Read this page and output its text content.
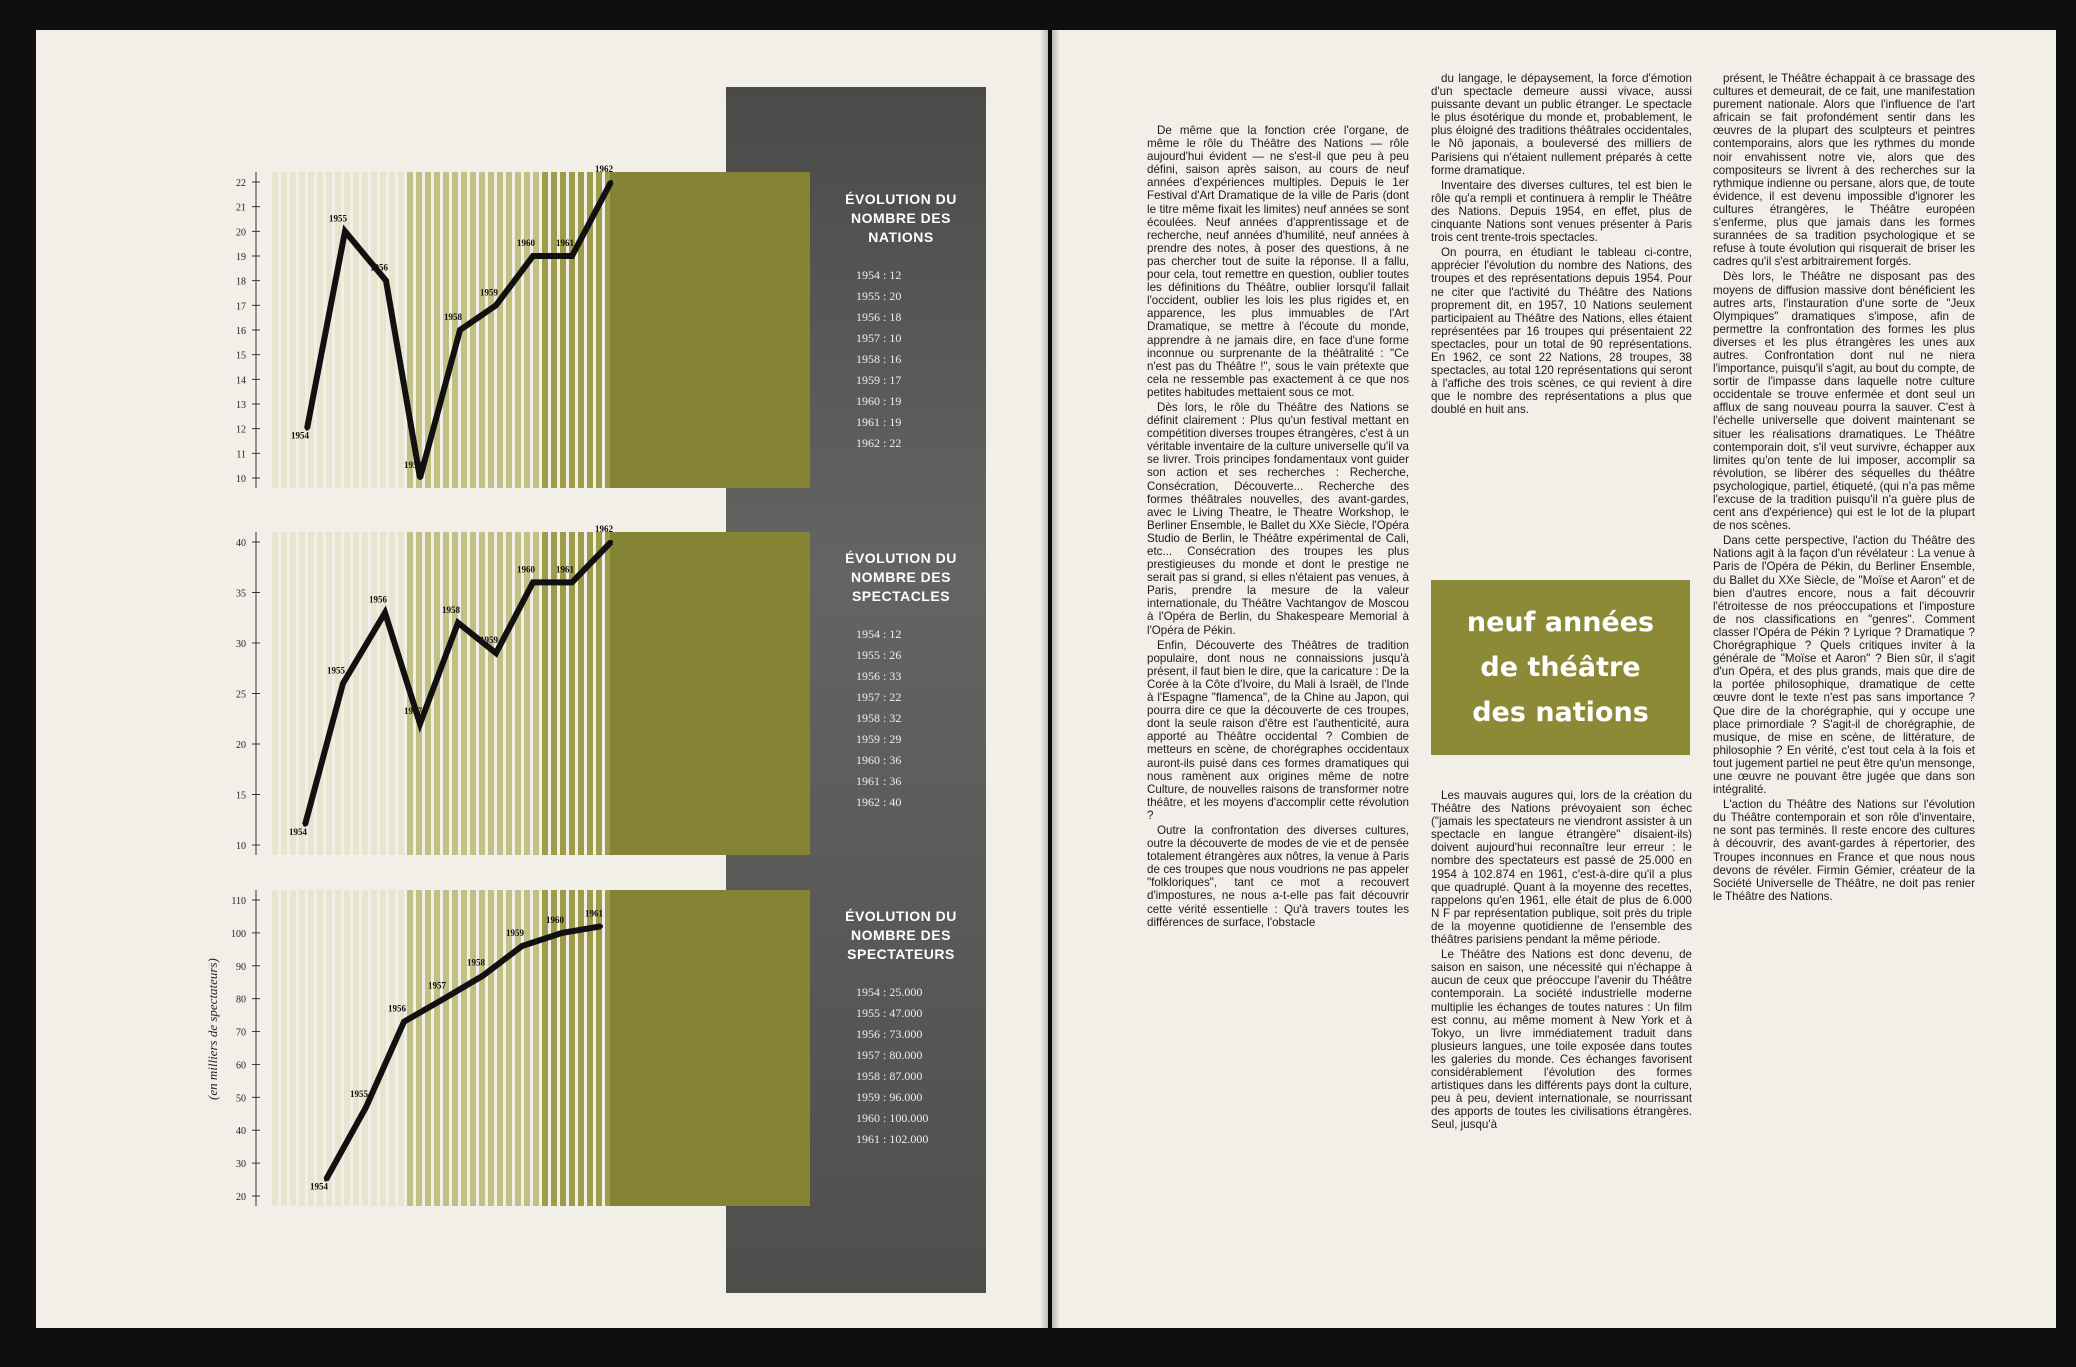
10
11
12
13
14
15
16
17
18
19
20
21
22
1954
1955
1956
1957
1958
1959
1960 1961
1962
10
15
20
25
30
35
40
1954
1955
1956
1957
1958
1959
1960 1961
1962
20
30
40
50
60
70
80
90
100
110
1954
1955
1956
1957
1958
1959
1960
1961
ÉVOLUTION DU NOMBRE DES NATIONS
1954 : 12
1955 : 20
1956 : 18
1957 : 10
1958 : 16
1959 : 17
1960 : 19
1961 : 19
1962 : 22
ÉVOLUTION DU NOMBRE DES SPECTACLES
1954 : 12
1955 : 26
1956 : 33
1957 : 22
1958 : 32
1959 : 29
1960 : 36
1961 : 36
1962 : 40
ÉVOLUTION DU NOMBRE DES SPECTATEURS
1954 : 25.000
1955 : 47.000
1956 : 73.000
1957 : 80.000
1958 : 87.000
1959 : 96.000
1960 : 100.000
1961 : 102.000
(en milliers de spectateurs)

De même que la fonction crée l'organe, de même le rôle du Théâtre des Nations — rôle aujourd'hui évident — ne s'est-il que peu à peu défini, saison après saison, au cours de neuf années d'expériences multiples. Depuis le 1er Festival d'Art Dramatique de la ville de Paris (dont le titre même fixait les limites) neuf années se sont écoulées. Neuf années d'apprentissage et de recherche, neuf années d'humilité, neuf années à prendre des notes, à poser des questions, à ne pas chercher tout de suite la réponse. Il a fallu, pour cela, tout remettre en question, oublier toutes les définitions du Théâtre, oublier lorsqu'il fallait l'occident, oublier les lois les plus rigides et, en apparence, les plus immuables de l'Art Dramatique, se mettre à l'écoute du monde, apprendre à ne jamais dire, en face d'une forme inconnue ou surprenante de la théâtralité : "Ce n'est pas du Théâtre !", sous le vain prétexte que cela ne ressemble pas exactement à ce que nos petites habitudes mettaient sous ce mot.

Dès lors, le rôle du Théâtre des Nations se définit clairement : Plus qu'un festival mettant en compétition diverses troupes étrangères, c'est à un véritable inventaire de la culture universelle qu'il va se livrer. Trois principes fondamentaux vont guider son action et ses recherches : Recherche, Consécration, Découverte... Recherche des formes théâtrales nouvelles, des avant-gardes, avec le Living Theatre, le Theatre Workshop, le Berliner Ensemble, le Ballet du XXe Siècle, l'Opéra Studio de Berlin, le Théâtre expérimental de Cali, etc... Consécration des troupes les plus prestigieuses du monde et dont le prestige ne serait pas si grand, si elles n'étaient pas venues, à Paris, prendre la mesure de la valeur internationale, du Théâtre Vachtangov de Moscou à l'Opéra de Berlin, du Shakespeare Memorial à l'Opéra de Pékin.

Enfin, Découverte des Théâtres de tradition populaire, dont nous ne connaissions jusqu'à présent, il faut bien le dire, que la caricature : De la Corée à la Côte d'Ivoire, du Mali à Israël, de l'Inde à l'Espagne "flamenca", de la Chine au Japon, qui pourra dire ce que la découverte de ces troupes, dont la seule raison d'être est l'authenticité, aura apporté au Théâtre occidental ? Combien de metteurs en scène, de chorégraphes occidentaux auront-ils puisé dans ces formes dramatiques qui nous ramènent aux origines même de notre Culture, de nouvelles raisons de transformer notre théâtre, et les moyens d'accomplir cette révolution ?

Outre la confrontation des diverses cultures, outre la découverte de modes de vie et de pensée totalement étrangères aux nôtres, la venue à Paris de ces troupes que nous voudrions ne pas appeler "folkloriques", tant ce mot a recouvert d'impostures, ne nous a-t-elle pas fait découvrir cette vérité essentielle : Qu'à travers toutes les différences de surface, l'obstacle

du langage, le dépaysement, la force d'émotion d'un spectacle demeure aussi vivace, aussi puissante devant un public étranger. Le spectacle le plus ésotérique du monde et, probablement, le plus éloigné des traditions théâtrales occidentales, le Nô japonais, a bouleversé des milliers de Parisiens qui n'étaient nullement préparés à cette forme dramatique.

Inventaire des diverses cultures, tel est bien le rôle qu'a rempli et continuera à remplir le Théâtre des Nations. Depuis 1954, en effet, plus de cinquante Nations sont venues présenter à Paris trois cent trente-trois spectacles.

On pourra, en étudiant le tableau ci-contre, apprécier l'évolution du nombre des Nations, des troupes et des représentations depuis 1954. Pour ne citer que l'activité du Théâtre des Nations proprement dit, en 1957, 10 Nations seulement participaient au Théâtre des Nations, elles étaient représentées par 16 troupes qui présentaient 22 spectacles, pour un total de 90 représentations. En 1962, ce sont 22 Nations, 28 troupes, 38 spectacles, au total 120 représentations qui seront à l'affiche des trois scènes, ce qui revient à dire que le nombre des représentations a plus que doublé en huit ans.

neuf années
de théâtre
des nations

Les mauvais augures qui, lors de la création du Théâtre des Nations prévoyaient son échec ("jamais les spectateurs ne viendront assister à un spectacle en langue étrangère" disaient-ils) doivent aujourd'hui reconnaître leur erreur : le nombre des spectateurs est passé de 25.000 en 1954 à 102.874 en 1961, c'est-à-dire qu'il a plus que quadruplé. Quant à la moyenne des recettes, rappelons qu'en 1961, elle était de plus de 6.000 N F par représentation publique, soit près du triple de la moyenne quotidienne de l'ensemble des théâtres parisiens pendant la même période.

Le Théâtre des Nations est donc devenu, de saison en saison, une nécessité qui n'échappe à aucun de ceux que préoccupe l'avenir du Théâtre contemporain. La société industrielle moderne multiplie les échanges de toutes natures : Un film est connu, au même moment à New York et à Tokyo, un livre immédiatement traduit dans plusieurs langues, une toile exposée dans toutes les galeries du monde. Ces échanges favorisent considérablement l'évolution des formes artistiques dans les différents pays dont la culture, peu à peu, devient internationale, se nourrissant des apports de toutes les civilisations étrangères. Seul, jusqu'à

présent, le Théâtre échappait à ce brassage des cultures et demeurait, de ce fait, une manifestation purement nationale. Alors que l'influence de l'art africain se fait profondément sentir dans les œuvres de la plupart des sculpteurs et peintres contemporains, alors que les rythmes du monde noir envahissent notre vie, alors que des compositeurs se livrent à des recherches sur la rythmique indienne ou persane, alors que, de toute évidence, il est devenu impossible d'ignorer les cultures étrangères, le Théâtre européen s'enferme, plus que jamais dans les formes surannées de sa tradition psychologique et se refuse à toute évolution qui risquerait de briser les cadres qu'il s'est arbitrairement forgés.

Dès lors, le Théâtre ne disposant pas des moyens de diffusion massive dont bénéficient les autres arts, l'instauration d'une sorte de "Jeux Olympiques" dramatiques s'impose, afin de permettre la confrontation des formes les plus diverses et les plus étrangères les unes aux autres. Confrontation dont nul ne niera l'importance, puisqu'il s'agit, au bout du compte, de sortir de l'impasse dans laquelle notre culture occidentale se trouve enfermée et dont seul un afflux de sang nouveau pourra la sauver. C'est à l'échelle universelle que doivent maintenant se situer les réalisations dramatiques. Le Théâtre contemporain doit, s'il veut survivre, échapper aux limites qu'on tente de lui imposer, accomplir sa révolution, se libérer des séquelles du théâtre psychologique, partiel, étiqueté, (qui n'a pas même l'excuse de la tradition puisqu'il n'a guère plus de cent ans d'expérience) qui est le lot de la plupart de nos scènes.

Dans cette perspective, l'action du Théâtre des Nations agit à la façon d'un révélateur : La venue à Paris de l'Opéra de Pékin, du Berliner Ensemble, du Ballet du XXe Siècle, de "Moïse et Aaron" et de bien d'autres encore, nous a fait découvrir l'étroitesse de nos préoccupations et l'imposture de nos classifications en "genres". Comment classer l'Opéra de Pékin ? Lyrique ? Dramatique ? Chorégraphique ? Quels critiques inviter à la générale de "Moïse et Aaron" ? Bien sûr, il s'agit d'un Opéra, et des plus grands, mais que dire de la portée philosophique, dramatique de cette œuvre dont le texte n'est pas sans importance ? Que dire de la chorégraphie, qui y occupe une place primordiale ? S'agit-il de chorégraphie, de musique, de mise en scène, de littérature, de philosophie ? En vérité, c'est tout cela à la fois et tout jugement partiel ne peut être qu'un mensonge, une œuvre ne pouvant être jugée que dans son intégralité.

L'action du Théâtre des Nations sur l'évolution du Théâtre contemporain et son rôle d'inventaire, ne sont pas terminés. Il reste encore des cultures à découvrir, des avant-gardes à répertorier, des Troupes inconnues en France et que nous nous devons de révéler. Firmin Gémier, créateur de la Société Universelle de Théâtre, ne doit pas renier le Théâtre des Nations.
